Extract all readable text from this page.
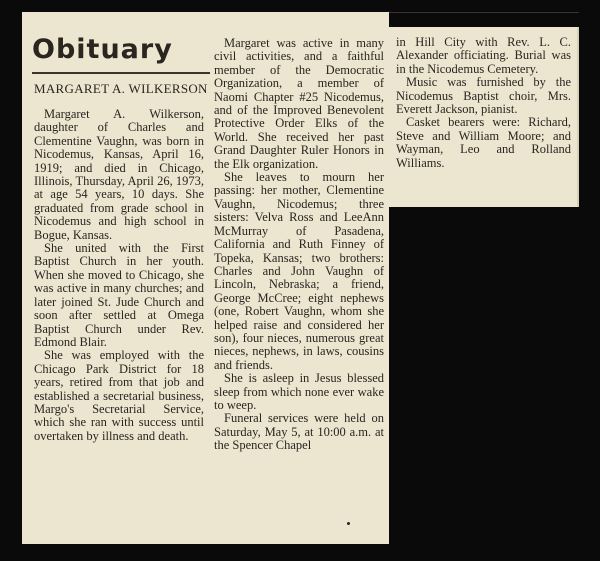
Obituary
MARGARET A. WILKERSON

Margaret A. Wilkerson, daughter of Charles and Clementine Vaughn, was born in Nicodemus, Kansas, April 16, 1919; and died in Chicago, Illinois, Thursday, April 26, 1973, at age 54 years, 10 days. She graduated from grade school in Nicodemus and high school in Bogue, Kansas.

She united with the First Baptist Church in her youth. When she moved to Chicago, she was active in many churches; and later joined St. Jude Church and soon after settled at Omega Baptist Church under Rev. Edmond Blair.

She was employed with the Chicago Park District for 18 years, retired from that job and established a secretarial business, Margo's Secretarial Service, which she ran with success until overtaken by illness and death.

Margaret was active in many civil activities, and a faithful member of the Democratic Organization, a member of Naomi Chapter #25 Nicodemus, and of the Improved Benevolent Protective Order Elks of the World. She received her past Grand Daughter Ruler Honors in the Elk organization.

She leaves to mourn her passing: her mother, Clementine Vaughn, Nicodemus; three sisters: Velva Ross and LeeAnn McMurray of Pasadena, California and Ruth Finney of Topeka, Kansas; two brothers: Charles and John Vaughn of Lincoln, Nebraska; a friend, George McCree; eight nephews (one, Robert Vaughn, whom she helped raise and considered her son), four nieces, numerous great nieces, nephews, in laws, cousins and friends.

She is asleep in Jesus blessed sleep from which none ever wake to weep.

Funeral services were held on Saturday, May 5, at 10:00 a.m. at the Spencer Chapel

in Hill City with Rev. L. C. Alexander officiating. Burial was in the Nicodemus Cemetery.

Music was furnished by the Nicodemus Baptist choir, Mrs. Everett Jackson, pianist.

Casket bearers were: Richard, Steve and William Moore; and Wayman, Leo and Rolland Williams.
